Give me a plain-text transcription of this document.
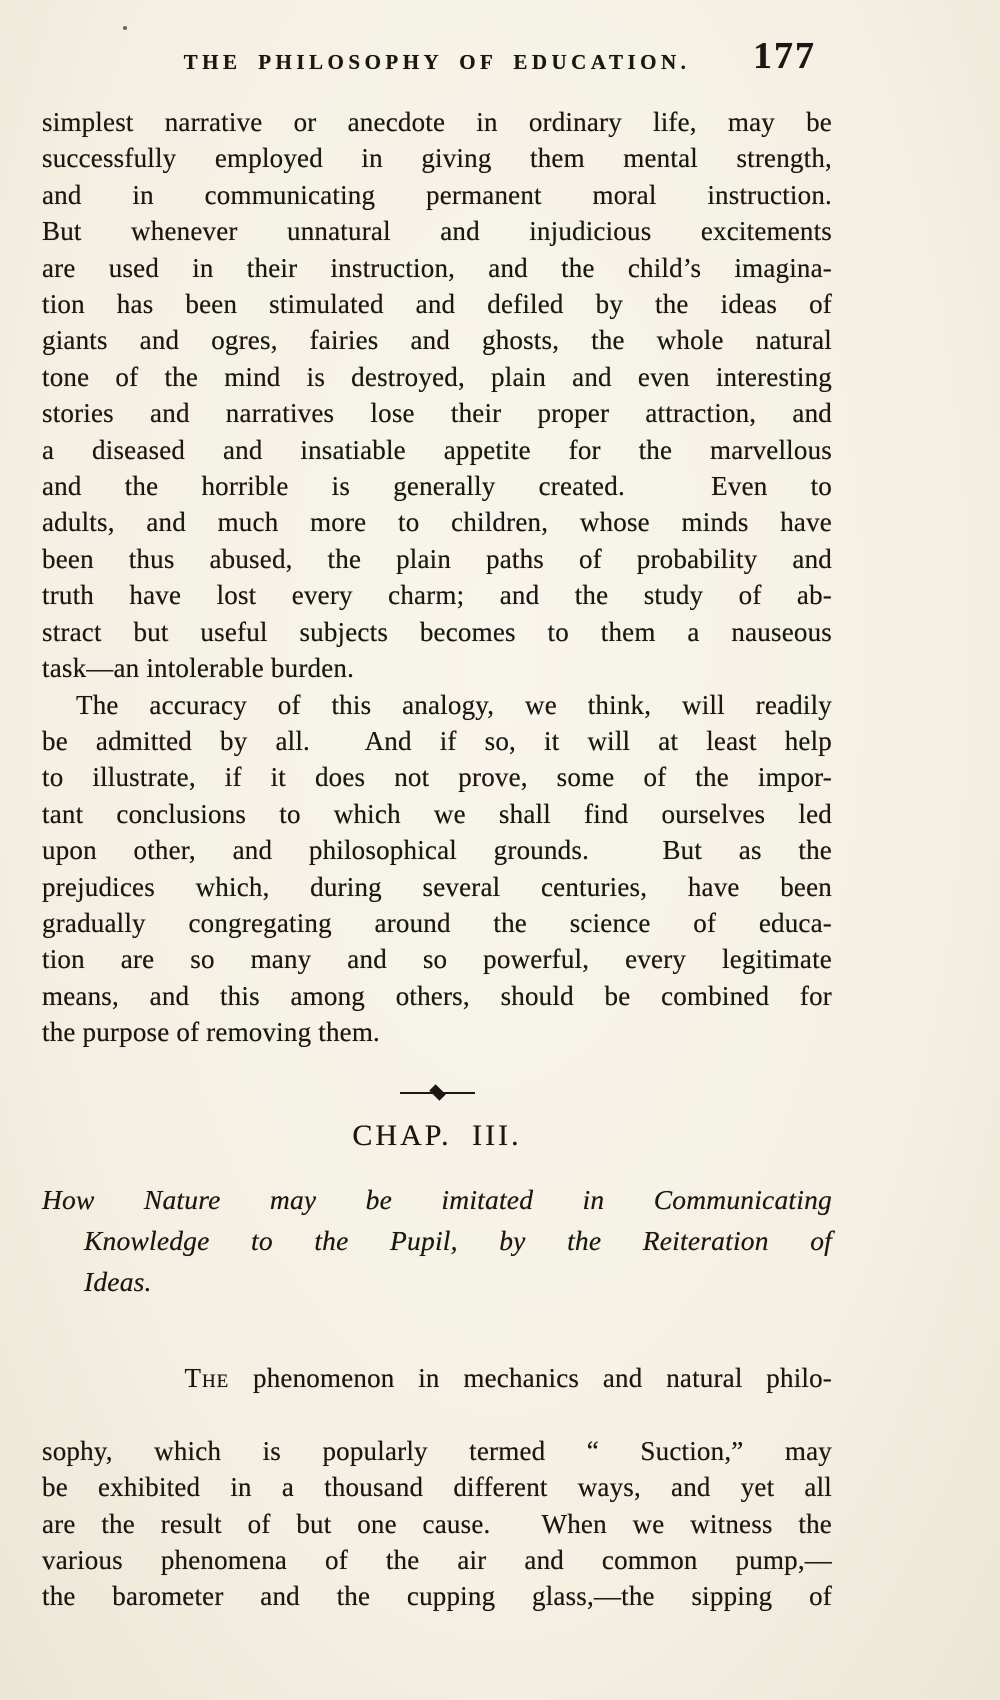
THE PHILOSOPHY OF EDUCATION.	177
simplest narrative or anecdote in ordinary life, may be
successfully employed in giving them mental strength,
and in communicating permanent moral instruction.
But whenever unnatural and injudicious excitements
are used in their instruction, and the child’s imagina-
tion has been stimulated and defiled by the ideas of
giants and ogres, fairies and ghosts, the whole natural
tone of the mind is destroyed, plain and even interesting
stories and narratives lose their proper attraction, and
a diseased and insatiable appetite for the marvellous
and the horrible is generally created.  Even to
adults, and much more to children, whose minds have
been thus abused, the plain paths of probability and
truth have lost every charm; and the study of ab-
stract but useful subjects becomes to them a nauseous
task—an intolerable burden.
The accuracy of this analogy, we think, will readily
be admitted by all.  And if so, it will at least help
to illustrate, if it does not prove, some of the impor-
tant conclusions to which we shall find ourselves led
upon other, and philosophical grounds.  But as the
prejudices which, during several centuries, have been
gradually congregating around the science of educa-
tion are so many and so powerful, every legitimate
means, and this among others, should be combined for
the purpose of removing them.
CHAP. III.
How Nature may be imitated in Communicating
Knowledge to the Pupil, by the Reiteration of
Ideas.

The phenomenon in mechanics and natural philo-

sophy, which is popularly termed “ Suction,” may
be exhibited in a thousand different ways, and yet all
are the result of but one cause.  When we witness the
various phenomena of the air and common pump,—
the barometer and the cupping glass,—the sipping of
